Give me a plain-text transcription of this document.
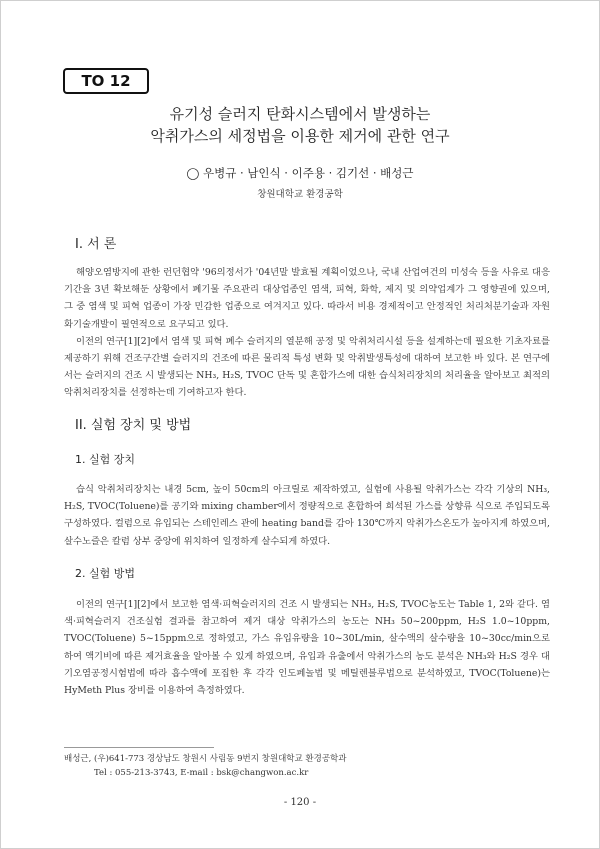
TO 12
유기성 슬러지 탄화시스템에서 발생하는
악취가스의 세정법을 이용한 제거에 관한 연구
◯ 우병규 · 남인식 · 이주용 · 김기선 · 배성근
창원대학교 환경공학
I. 서 론

해양오염방지에 관한 런던협약 '96의정서가 '04년말 발효될 계획이었으나, 국내 산업여건의 미성숙 등을 사유로 대응기간을 3년 확보해둔 상황에서 폐기물 주요관리 대상업종인 염색, 피혁, 화학, 제지 및 의약업계가 그 영향권에 있으며, 그 중 염색 및 피혁 업종이 가장 민감한 업종으로 여겨지고 있다. 따라서 비용 경제적이고 안정적인 처리처분기술과 자원화기술개발이 필연적으로 요구되고 있다.

이전의 연구[1][2]에서 염색 및 피혁 폐수 슬러지의 열분해 공정 및 악취처리시설 등을 설계하는데 필요한 기초자료를 제공하기 위해 건조구간별 슬러지의 건조에 따른 물리적 특성 변화 및 악취발생특성에 대하여 보고한 바 있다. 본 연구에서는 슬러지의 건조 시 발생되는 NH₃, H₂S, TVOC 단독 및 혼합가스에 대한 습식처리장치의 처리율을 알아보고 최적의 악취처리장치를 선정하는데 기여하고자 한다.

II. 실험 장치 및 방법
1. 실험 장치

습식 악취처리장치는 내경 5cm, 높이 50cm의 아크릴로 제작하였고, 실험에 사용될 악취가스는 각각 기상의 NH₃, H₂S, TVOC(Toluene)를 공기와 mixing chamber에서 정량적으로 혼합하여 희석된 가스를 상향류 식으로 주입되도록 구성하였다. 컬럼으로 유입되는 스테인레스 관에 heating band를 감아 130℃까지 악취가스온도가 높아지게 하였으며, 살수노즐은 칼럼 상부 중앙에 위치하여 일정하게 살수되게 하였다.

2. 실험 방법

이전의 연구[1][2]에서 보고한 염색·피혁슬러지의 건조 시 발생되는 NH₃, H₂S, TVOC농도는 Table 1, 2와 같다. 염색·피혁슬러지 건조실험 결과를 참고하여 제거 대상 악취가스의 농도는 NH₃ 50~200ppm, H₂S 1.0~10ppm, TVOC(Toluene) 5~15ppm으로 정하였고, 가스 유입유량을 10~30L/min, 살수액의 살수량을 10~30cc/min으로 하여 액기비에 따른 제거효율을 알아볼 수 있게 하였으며, 유입과 유출에서 악취가스의 농도 분석은 NH₃와 H₂S 경우 대기오염공정시험법에 따라 흡수액에 포집한 후 각각 인도페놀법 및 메틸렌블루법으로 분석하였고, TVOC(Toluene)는 HyMeth Plus 장비를 이용하여 측정하였다.

배성근, (우)641-773 경상남도 창원시 사림동 9번지 창원대학교 환경공학과
Tel : 055-213-3743, E-mail : bsk@changwon.ac.kr
- 120 -
